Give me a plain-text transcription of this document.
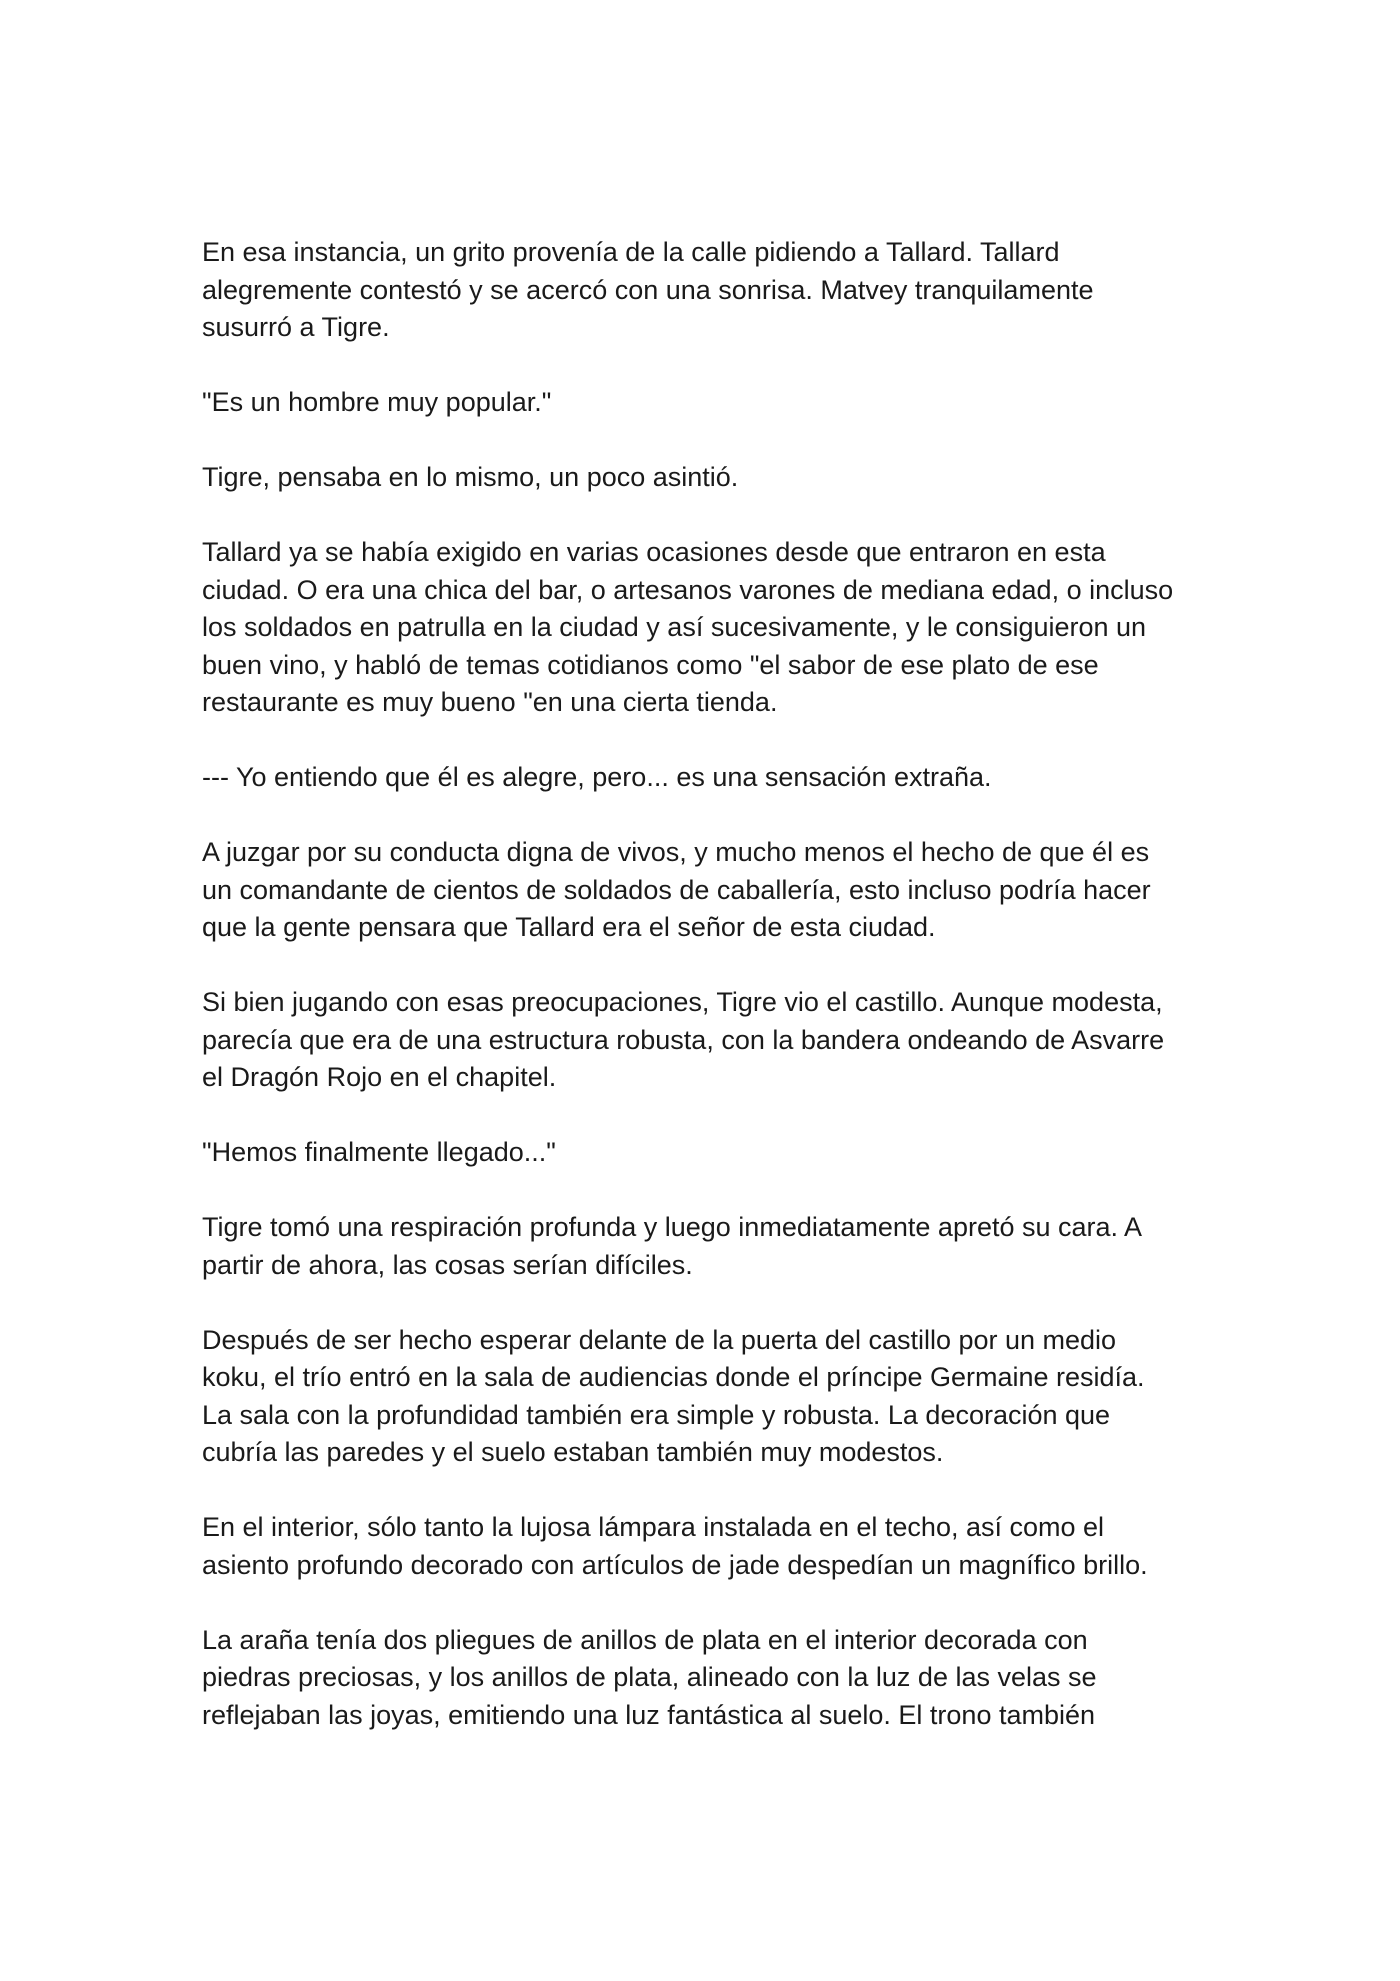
En esa instancia, un grito provenía de la calle pidiendo a Tallard. Tallard
alegremente contestó y se acercó con una sonrisa. Matvey tranquilamente
susurró a Tigre.

"Es un hombre muy popular."

Tigre, pensaba en lo mismo, un poco asintió.

Tallard ya se había exigido en varias ocasiones desde que entraron en esta
ciudad. O era una chica del bar, o artesanos varones de mediana edad, o incluso
los soldados en patrulla en la ciudad y así sucesivamente, y le consiguieron un
buen vino, y habló de temas cotidianos como "el sabor de ese plato de ese
restaurante es muy bueno "en una cierta tienda.

--- Yo entiendo que él es alegre, pero... es una sensación extraña.

A juzgar por su conducta digna de vivos, y mucho menos el hecho de que él es
un comandante de cientos de soldados de caballería, esto incluso podría hacer
que la gente pensara que Tallard era el señor de esta ciudad.

Si bien jugando con esas preocupaciones, Tigre vio el castillo. Aunque modesta,
parecía que era de una estructura robusta, con la bandera ondeando de Asvarre
el Dragón Rojo en el chapitel.

"Hemos finalmente llegado..."

Tigre tomó una respiración profunda y luego inmediatamente apretó su cara. A
partir de ahora, las cosas serían difíciles.

Después de ser hecho esperar delante de la puerta del castillo por un medio
koku, el trío entró en la sala de audiencias donde el príncipe Germaine residía.
La sala con la profundidad también era simple y robusta. La decoración que
cubría las paredes y el suelo estaban también muy modestos.

En el interior, sólo tanto la lujosa lámpara instalada en el techo, así como el
asiento profundo decorado con artículos de jade despedían un magnífico brillo.

La araña tenía dos pliegues de anillos de plata en el interior decorada con
piedras preciosas, y los anillos de plata, alineado con la luz de las velas se
reflejaban las joyas, emitiendo una luz fantástica al suelo. El trono también
